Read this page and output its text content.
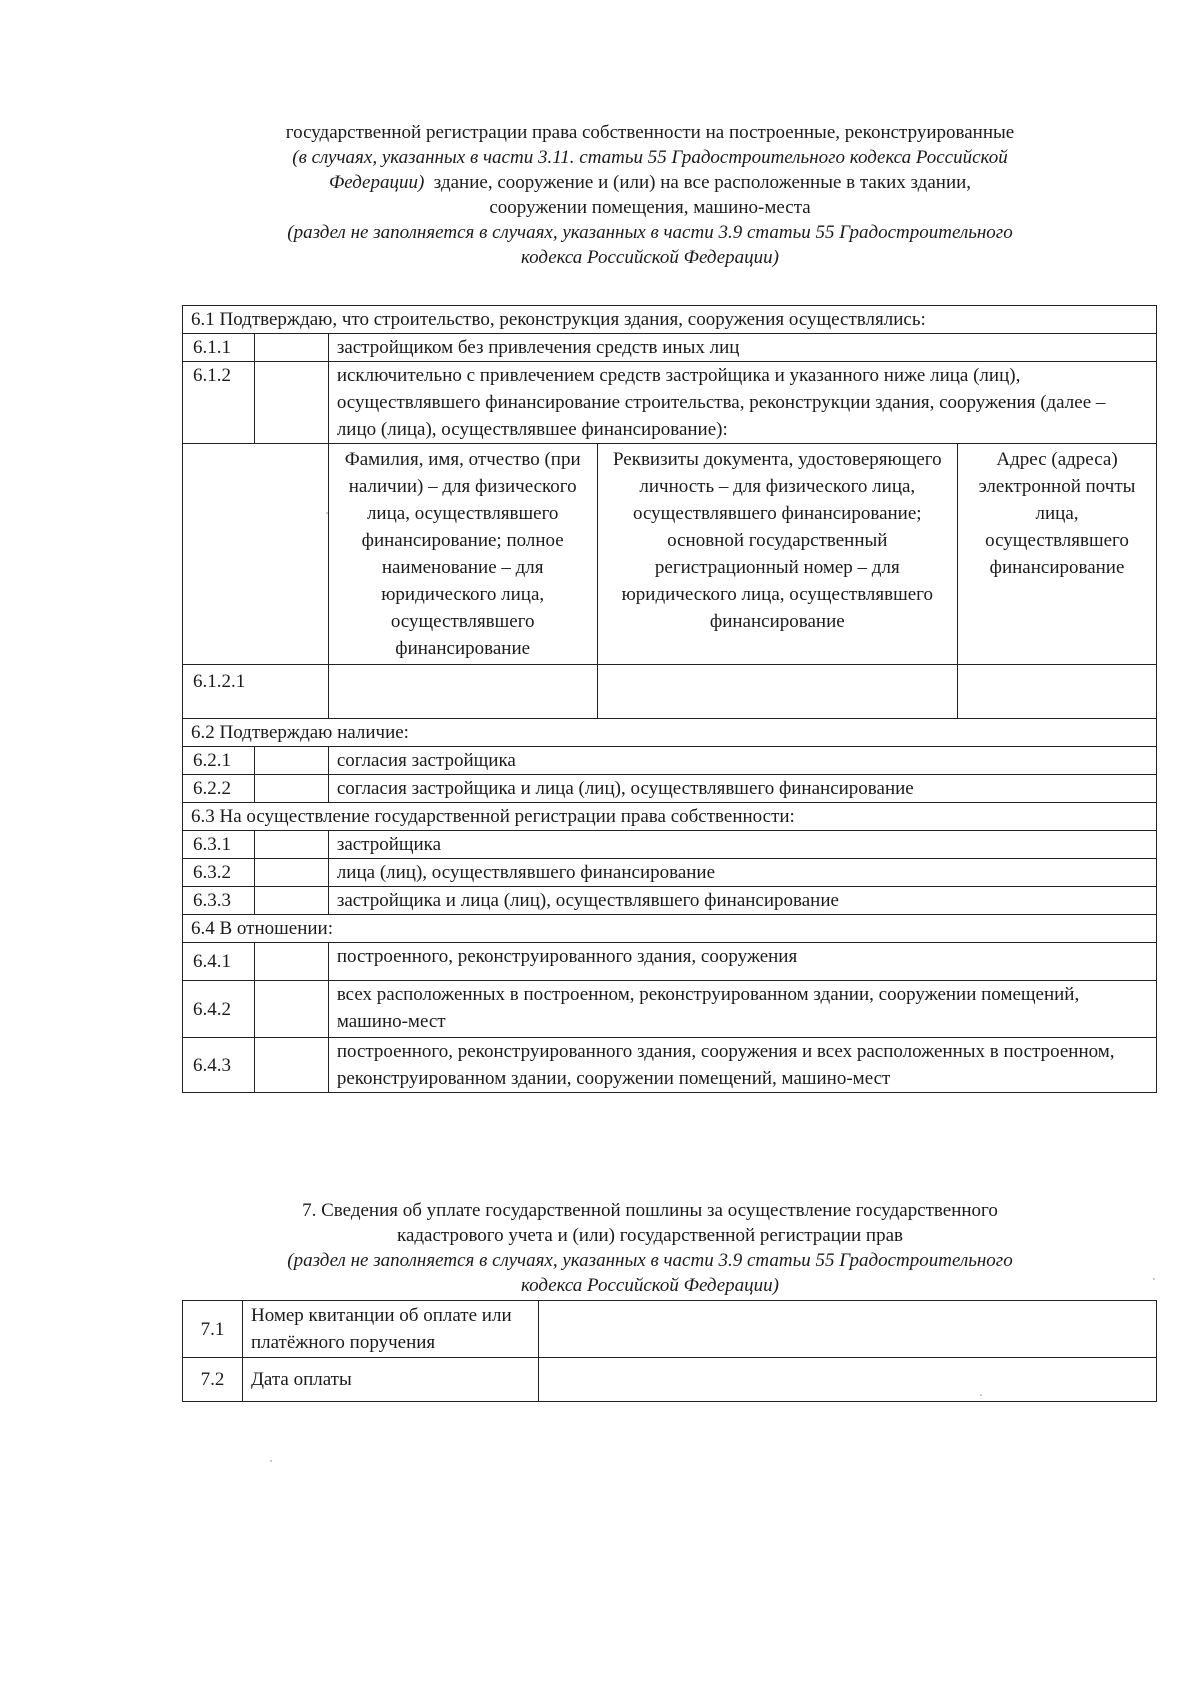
государственной регистрации права собственности на построенные, реконструированные
(в случаях, указанных в части 3.11. статьи 55 Градостроительного кодекса Российской
Федерации) здание, сооружение и (или) на все расположенные в таких здании,
сооружении помещения, машино-места
(раздел не заполняется в случаях, указанных в части 3.9 статьи 55 Градостроительного
кодекса Российской Федерации)
6.1 Подтверждаю, что строительство, реконструкция здания, сооружения осуществлялись:				
6.1.1		застройщиком без привлечения средств иных лиц		
6.1.2		исключительно с привлечением средств застройщика и указанного ниже лица (лиц), осуществлявшего финансирование строительства, реконструкции здания, сооружения (далее – лицо (лица), осуществлявшее финансирование):		
		Фамилия, имя, отчество (при наличии) – для физического лица, осуществлявшего финансирование; полное наименование – для юридического лица, осуществлявшего финансирование	Реквизиты документа, удостоверяющего личность – для физического лица, осуществлявшего финансирование; основной государственный регистрационный номер – для юридического лица, осуществлявшего финансирование	Адрес (адреса) электронной почты лица, осуществлявшего финансирование
6.1.2.1				
6.2 Подтверждаю наличие:				
6.2.1		согласия застройщика		
6.2.2		согласия застройщика и лица (лиц), осуществлявшего финансирование		
6.3 На осуществление государственной регистрации права собственности:				
6.3.1		застройщика		
6.3.2		лица (лиц), осуществлявшего финансирование		
6.3.3		застройщика и лица (лиц), осуществлявшего финансирование		
6.4 В отношении:				
6.4.1		построенного, реконструированного здания, сооружения		
6.4.2		всех расположенных в построенном, реконструированном здании, сооружении помещений, машино-мест		
6.4.3		построенного, реконструированного здания, сооружения и всех расположенных в построенном, реконструированном здании, сооружении помещений, машино-мест		
7. Сведения об уплате государственной пошлины за осуществление государственного
кадастрового учета и (или) государственной регистрации прав
(раздел не заполняется в случаях, указанных в части 3.9 статьи 55 Градостроительного
кодекса Российской Федерации)
7.1	Номер квитанции об оплате или платёжного поручения	
7.2	Дата оплаты	
